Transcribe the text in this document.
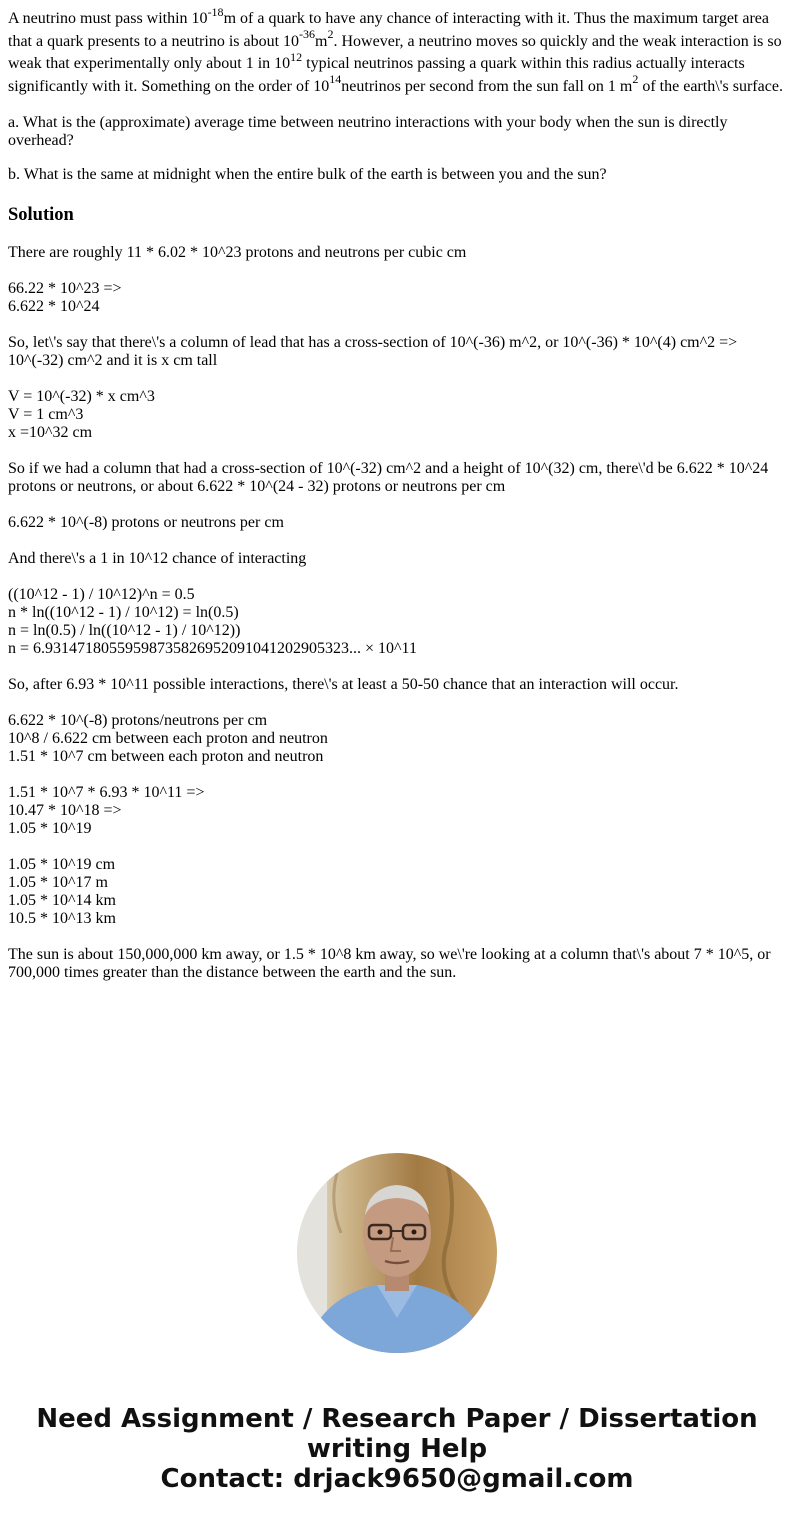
A neutrino must pass within $10^{-18}m$ of a quark to have any chance of interacting with it. Thus the maximum target area that a quark presents to a neutrino is about $10^{-36}m^2$. However, a neutrino moves so quickly and the weak interaction is so weak that experimentally only about 1 in $10^{12}$ typical neutrinos passing a quark within this radius actually interacts significantly with it. Something on the order of $10^{14}neutrinos$ per second from the sun fall on 1 $m^2$ of the earth\'s surface.

a. What is the (approximate) average time between neutrino interactions with your body when the sun is directly overhead?

b. What is the same at midnight when the entire bulk of the earth is between you and the sun?

Solution
There are roughly 11 * 6.02 * 10^23 protons and neutrons per cubic cm
66.22 * 10^23 =>
6.622 * 10^24
So, let\'s say that there\'s a column of lead that has a cross-section of 10^(-36) m^2, or 10^(-36) * 10^(4) cm^2 => 10^(-32) cm^2 and it is x cm tall
V = 10^(-32) * x cm^3
V = 1 cm^3
x =10^32 cm
So if we had a column that had a cross-section of 10^(-32) cm^2 and a height of 10^(32) cm, there\'d be 6.622 * 10^24 protons or neutrons, or about 6.622 * 10^(24 - 32) protons or neutrons per cm
6.622 * 10^(-8) protons or neutrons per cm
And there\'s a 1 in 10^12 chance of interacting
((10^12 - 1) / 10^12)^n = 0.5
n * ln((10^12 - 1) / 10^12) = ln(0.5)
n = ln(0.5) / ln((10^12 - 1) / 10^12))
n = 6.9314718055959873582695209104120​2905323... × 10^11
So, after 6.93 * 10^11 possible interactions, there\'s at least a 50-50 chance that an interaction will occur.
6.622 * 10^(-8) protons/neutrons per cm
10^8 / 6.622 cm between each proton and neutron
1.51 * 10^7 cm between each proton and neutron
1.51 * 10^7 * 6.93 * 10^11 =>
10.47 * 10^18 =>
1.05 * 10^19
1.05 * 10^19 cm
1.05 * 10^17 m
1.05 * 10^14 km
10.5 * 10^13 km
The sun is about 150,000,000 km away, or 1.5 * 10^8 km away, so we\'re looking at a column that\'s about 7 * 10^5, or 700,000 times greater than the distance between the earth and the sun.
Need Assignment / Research Paper / Dissertation
writing Help
Contact: drjack9650@gmail.com
